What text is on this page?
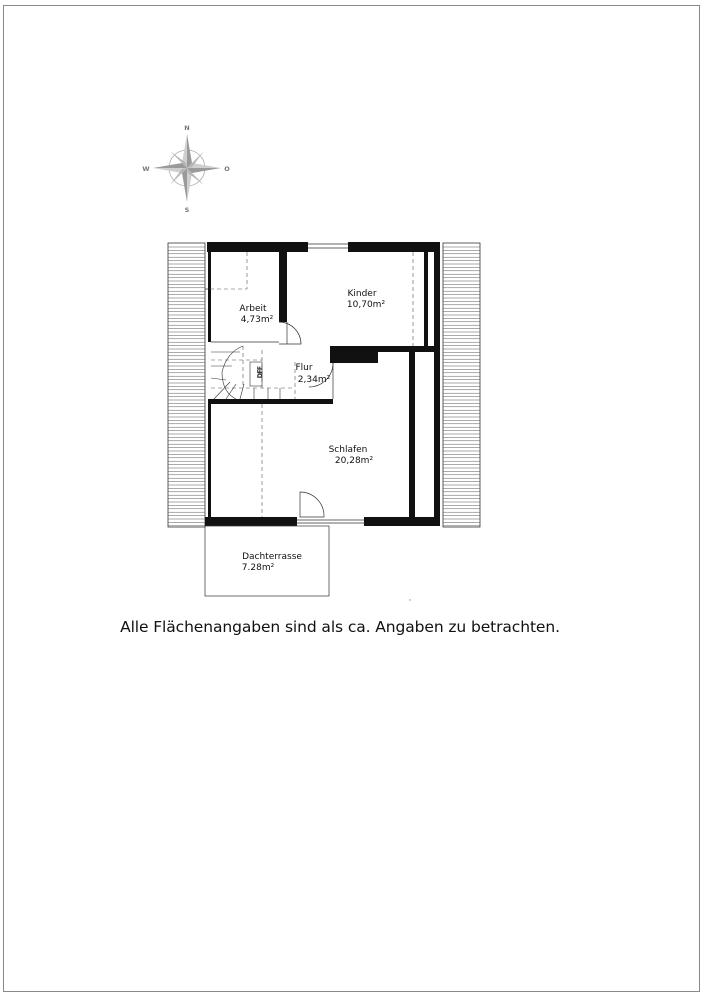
N
O
S
W
DFF
Arbeit
4,73m²
Kinder
10,70m²
Flur
2,34m²
Schlafen
20,28m²
Dachterrasse
7.28m²
Alle Flächenangaben sind als ca. Angaben zu betrachten.
